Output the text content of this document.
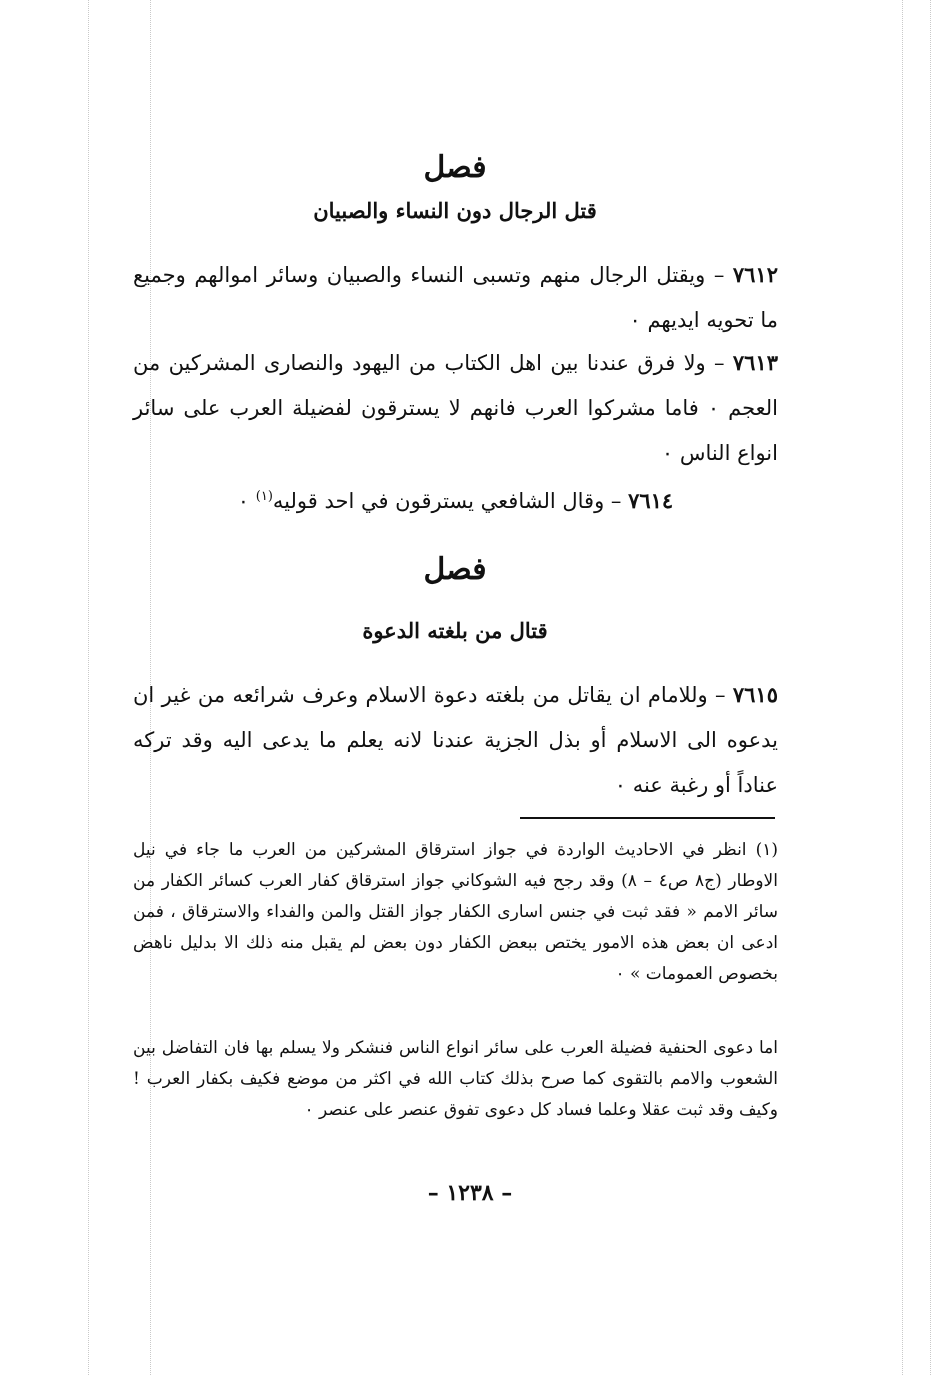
فصل
قتل الرجال دون النساء والصبيان
٧٦١٢ – ويقتل الرجال منهم وتسبى النساء والصبيان وسائر اموالهم وجميع ما تحويه ايديهم ٠
٧٦١٣ – ولا فرق عندنا بين اهل الكتاب من اليهود والنصارى المشركين من العجم ٠ فاما مشركوا العرب فانهم لا يسترقون لفضيلة العرب على سائر انواع الناس ٠
٧٦١٤ – وقال الشافعي يسترقون في احد قوليه$^{(١)}$ ٠
فصل
قتال من بلغته الدعوة
٧٦١٥ – وللامام ان يقاتل من بلغته دعوة الاسلام وعرف شرائعه من غير ان يدعوه الى الاسلام أو بذل الجزية عندنا لانه يعلم ما يدعى اليه وقد تركه عناداً أو رغبة عنه ٠
(١) انظر في الاحاديث الواردة في جواز استرقاق المشركين من العرب ما جاء في نيل الاوطار (ج٨ ص٤ – ٨) وقد رجح فيه الشوكاني جواز استرقاق كفار العرب كسائر الكفار من سائر الامم « فقد ثبت في جنس اسارى الكفار جواز القتل والمن والفداء والاسترقاق ، فمن ادعى ان بعض هذه الامور يختص ببعض الكفار دون بعض لم يقبل منه ذلك الا بدليل ناهض بخصوص العمومات » ٠
اما دعوى الحنفية فضيلة العرب على سائر انواع الناس فنشكر ولا يسلم بها فان التفاضل بين الشعوب والامم بالتقوى كما صرح بذلك كتاب الله في اكثر من موضع فكيف بكفار العرب ! وكيف وقد ثبت عقلا وعلما فساد كل دعوى تفوق عنصر على عنصر ٠
– ١٢٣٨ –
